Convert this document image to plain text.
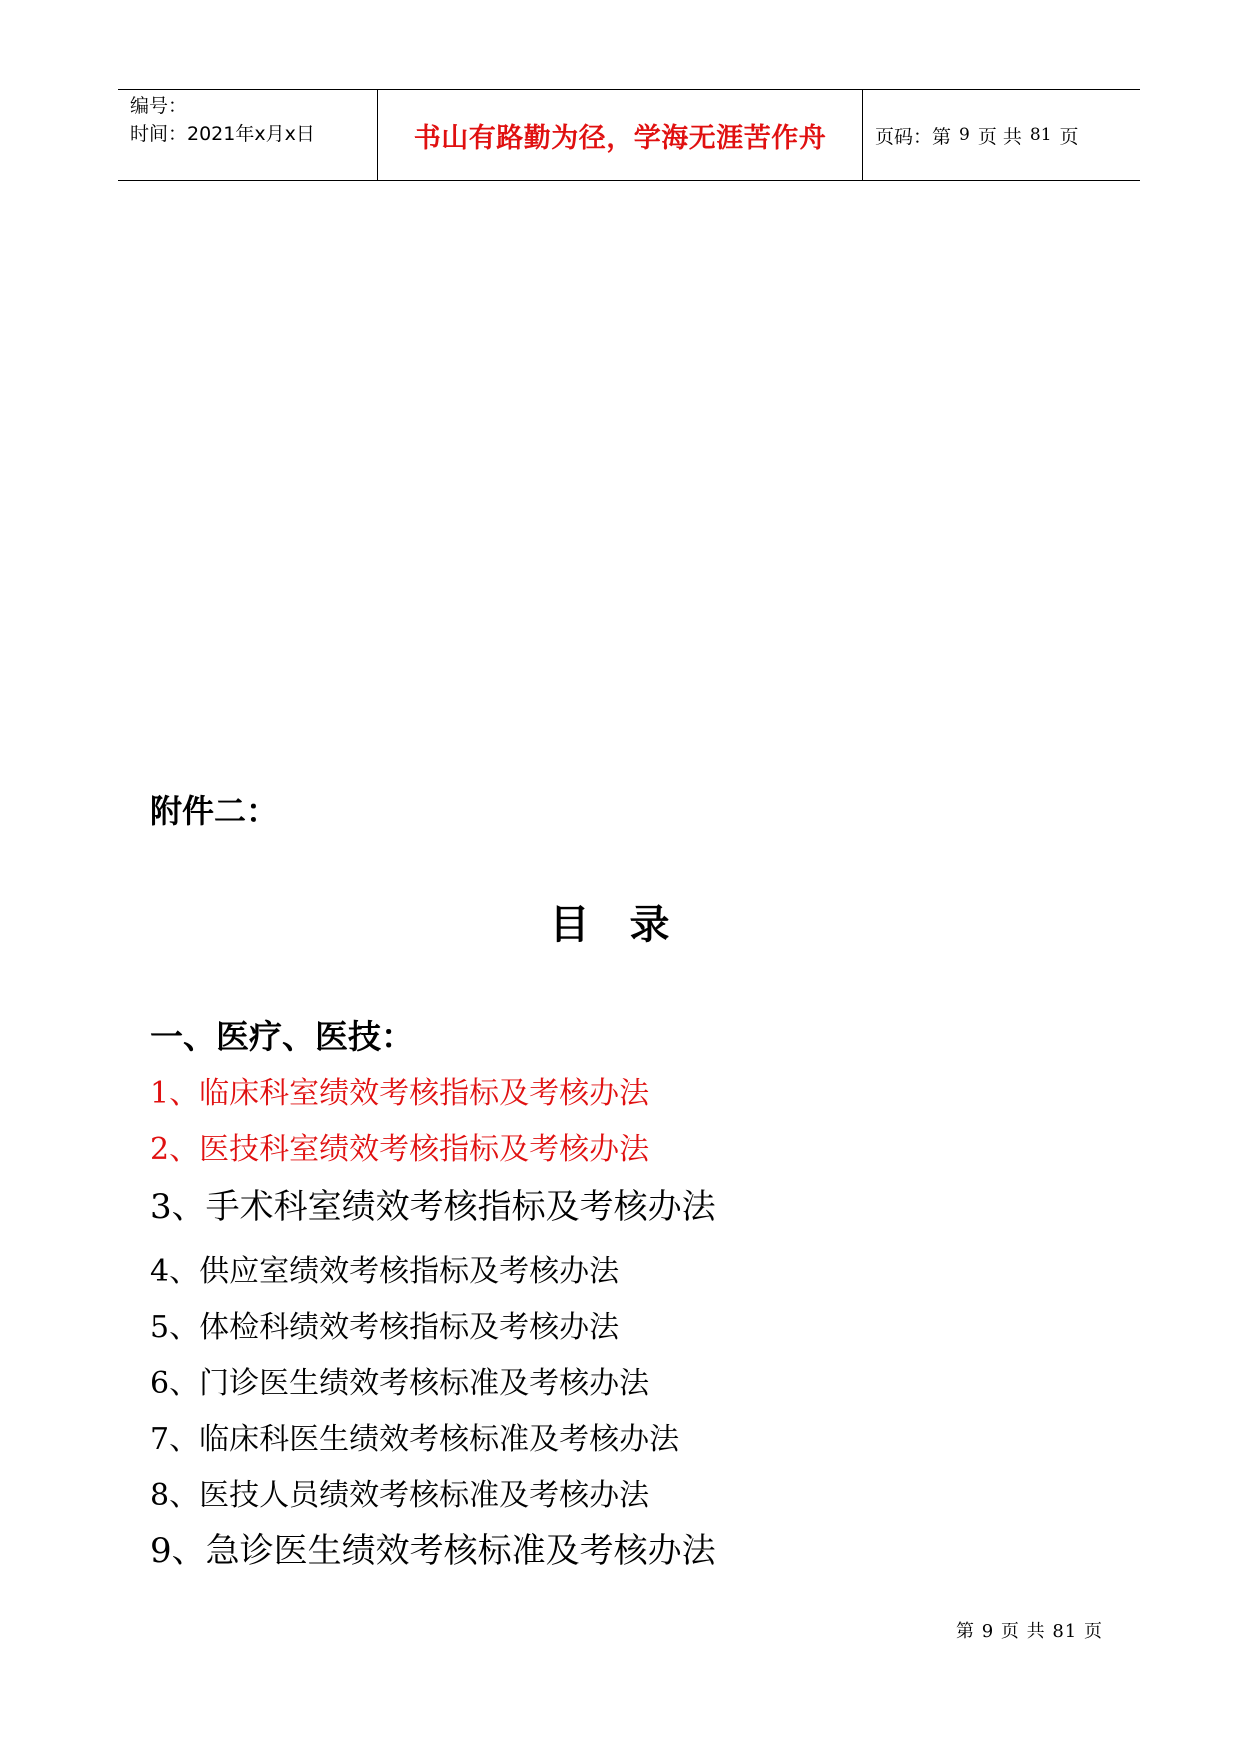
编号：
时间：2021年x月x日	书山有路勤为径，学海无涯苦作舟	页码：第 9 页 共 81 页
附件二：
目录
一、医疗、医技：
1、临床科室绩效考核指标及考核办法
2、医技科室绩效考核指标及考核办法
3、手术科室绩效考核指标及考核办法
4、供应室绩效考核指标及考核办法
5、体检科绩效考核指标及考核办法
6、门诊医生绩效考核标准及考核办法
7、临床科医生绩效考核标准及考核办法
8、医技人员绩效考核标准及考核办法
9、急诊医生绩效考核标准及考核办法
第 9 页 共 81 页
